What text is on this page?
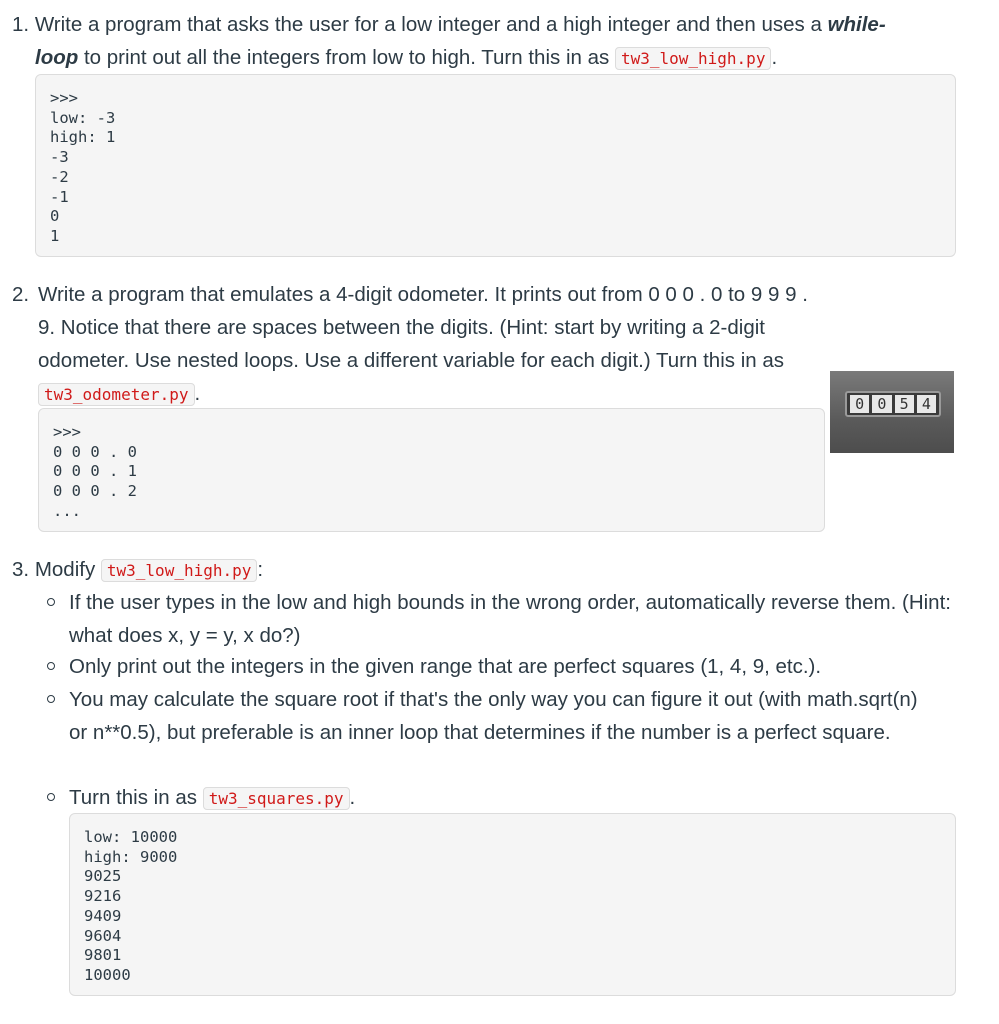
1. Write a program that asks the user for a low integer and a high integer and then uses a while-

loop to print out all the integers from low to high. Turn this in as tw3_low_high.py .

>>>
low: -3
high: 1
-3
-2
-1
0
1

2. Write a program that emulates a 4-digit odometer. It prints out from 0 0 0 . 0 to 9 9 9 . 9. Notice that there are spaces between the digits. (Hint: start by writing a 2-digit odometer. Use nested loops. Use a different variable for each digit.) Turn this in as tw3_odometer.py .	0 0 5 4
>>>
0 0 0 . 0
0 0 0 . 1
0 0 0 . 2
...

3. Modify tw3_low_high.py :

If the user types in the low and high bounds in the wrong order, automatically reverse them. (Hint: what does x, y = y, x do?)

Only print out the integers in the given range that are perfect squares (1, 4, 9, etc.).

You may calculate the square root if that's the only way you can figure it out (with math.sqrt(n) or n**0.5), but preferable is an inner loop that determines if the number is a perfect square.

Turn this in as tw3_squares.py .

low: 10000
high: 9000
9025
9216
9409
9604
9801
10000
